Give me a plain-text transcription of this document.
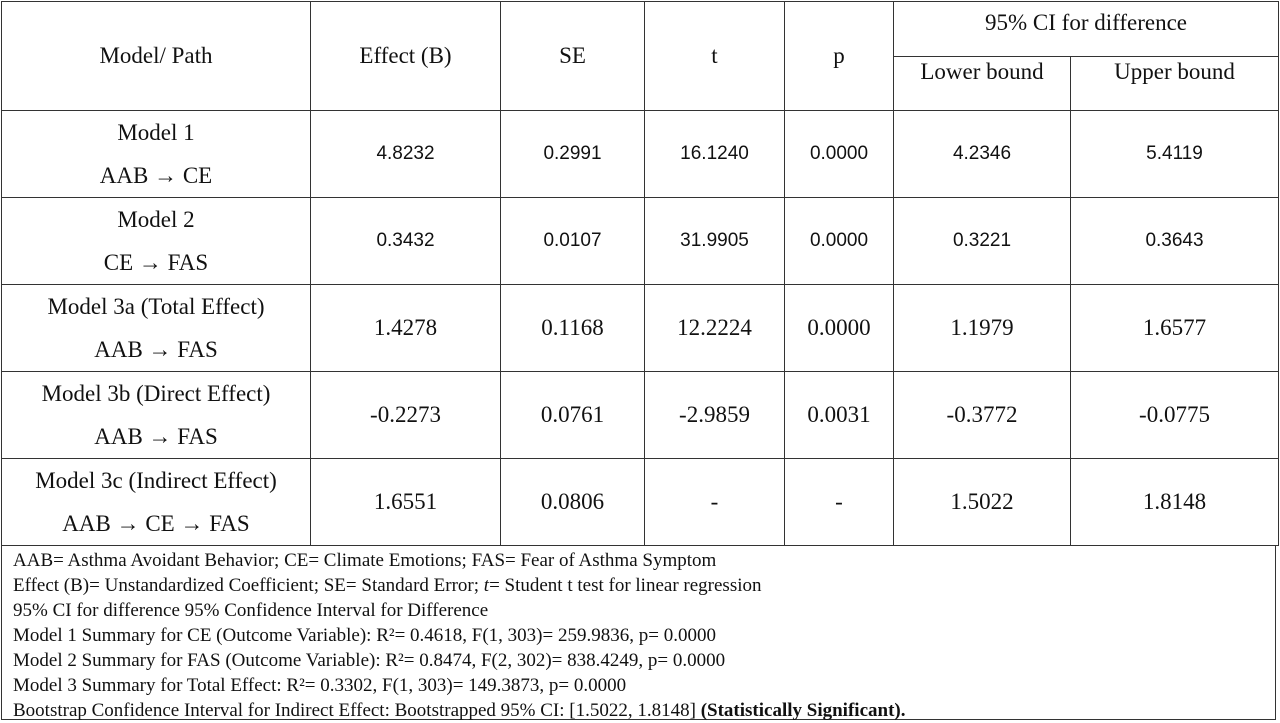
Model/ Path	Effect (B)	SE	t	p	95% CI for difference	
					Lower bound	Upper bound

Model 1
AAB → CE	4.8232	0.2991	16.1240	0.0000	4.2346	5.4119

Model 2
CE → FAS	0.3432	0.0107	31.9905	0.0000	0.3221	0.3643

Model 3a (Total Effect)
AAB → FAS	1.4278	0.1168	12.2224	0.0000	1.1979	1.6577

Model 3b (Direct Effect)
AAB → FAS	-0.2273	0.0761	-2.9859	0.0031	-0.3772	-0.0775

Model 3c (Indirect Effect)
AAB → CE → FAS	1.6551	0.0806	-	-	1.5022	1.8148
AAB= Asthma Avoidant Behavior; CE= Climate Emotions; FAS= Fear of Asthma Symptom
Effect (B)= Unstandardized Coefficient; SE= Standard Error; t= Student t test for linear regression
95% CI for difference 95% Confidence Interval for Difference
Model 1 Summary for CE (Outcome Variable): R²= 0.4618, F(1, 303)= 259.9836, p= 0.0000
Model 2 Summary for FAS (Outcome Variable): R²= 0.8474, F(2, 302)= 838.4249, p= 0.0000
Model 3 Summary for Total Effect: R²= 0.3302, F(1, 303)= 149.3873, p= 0.0000
Bootstrap Confidence Interval for Indirect Effect: Bootstrapped 95% CI: [1.5022, 1.8148] (Statistically Significant).
